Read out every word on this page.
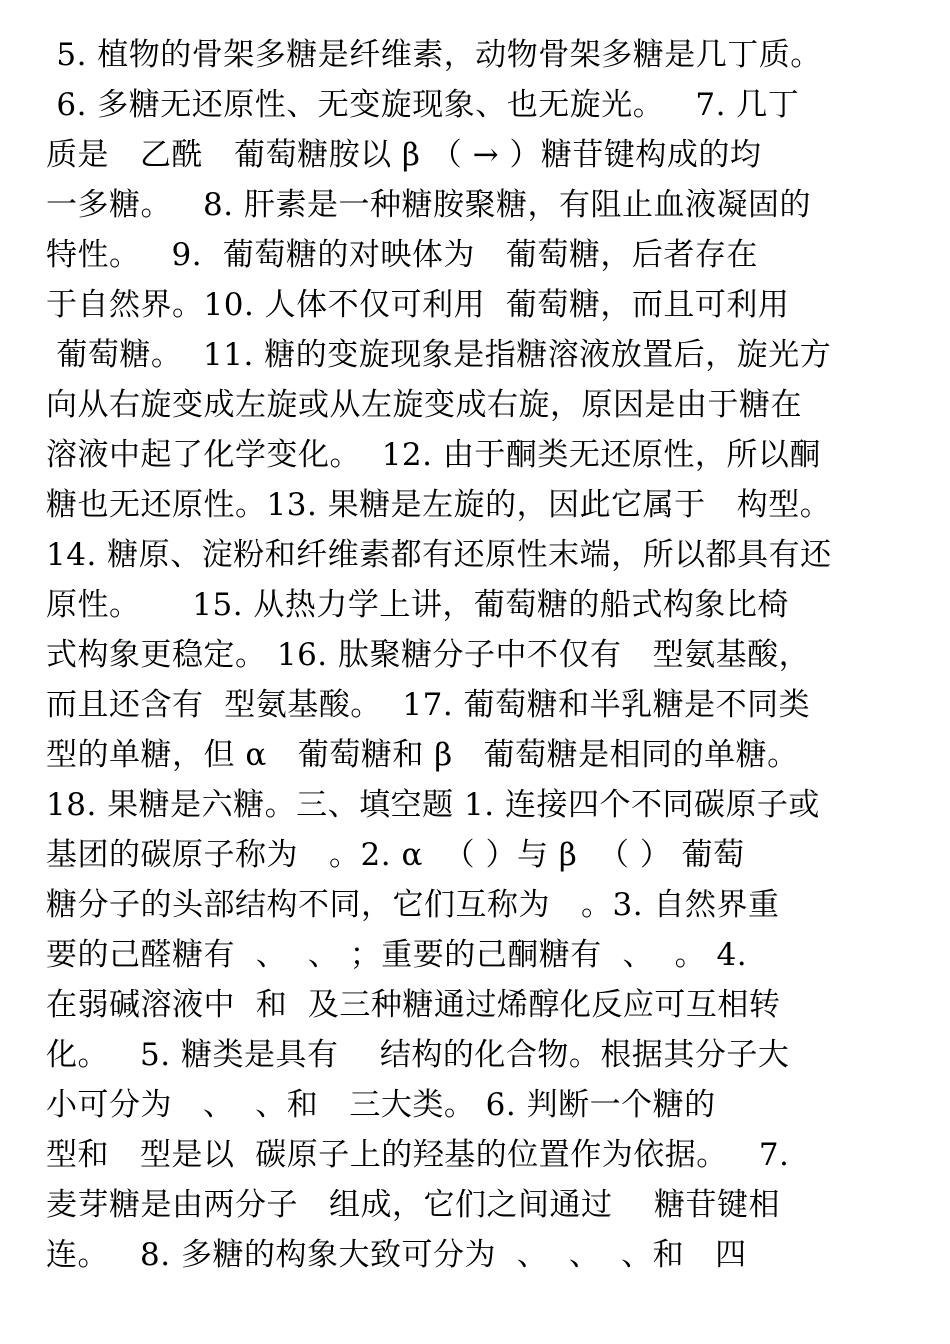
5. 植物的骨架多糖是纤维素，动物骨架多糖是几丁质。
6. 多糖无还原性、无变旋现象、也无旋光。   7. 几丁
质是   乙酰   葡萄糖胺以 β （ → ）糖苷键构成的均
一多糖。   8. 肝素是一种糖胺聚糖，有阻止血液凝固的
特性。   9.  葡萄糖的对映体为   葡萄糖，后者存在
于自然界。10. 人体不仅可利用  葡萄糖，而且可利用
葡萄糖。  11. 糖的变旋现象是指糖溶液放置后，旋光方
向从右旋变成左旋或从左旋变成右旋，原因是由于糖在
溶液中起了化学变化。  12. 由于酮类无还原性，所以酮
糖也无还原性。13. 果糖是左旋的，因此它属于   构型。
14. 糖原、淀粉和纤维素都有还原性末端，所以都具有还
原性。     15. 从热力学上讲，葡萄糖的船式构象比椅
式构象更稳定。 16. 肽聚糖分子中不仅有   型氨基酸，
而且还含有  型氨基酸。  17. 葡萄糖和半乳糖是不同类
型的单糖，但 α   葡萄糖和 β   葡萄糖是相同的单糖。
18. 果糖是六糖。三、填空题 1. 连接四个不同碳原子或
基团的碳原子称为   。2. α  （ ）与 β  （ ） 葡萄
糖分子的头部结构不同，它们互称为   。3. 自然界重
要的己醛糖有  、  、 ；重要的己酮糖有  、  。 4.
在弱碱溶液中  和  及三种糖通过烯醇化反应可互相转
化。   5. 糖类是具有    结构的化合物。根据其分子大
小可分为   、  、和   三大类。 6. 判断一个糖的
型和   型是以  碳原子上的羟基的位置作为依据。   7.
麦芽糖是由两分子   组成，它们之间通过    糖苷键相
连。   8. 多糖的构象大致可分为  、  、  、和   四
